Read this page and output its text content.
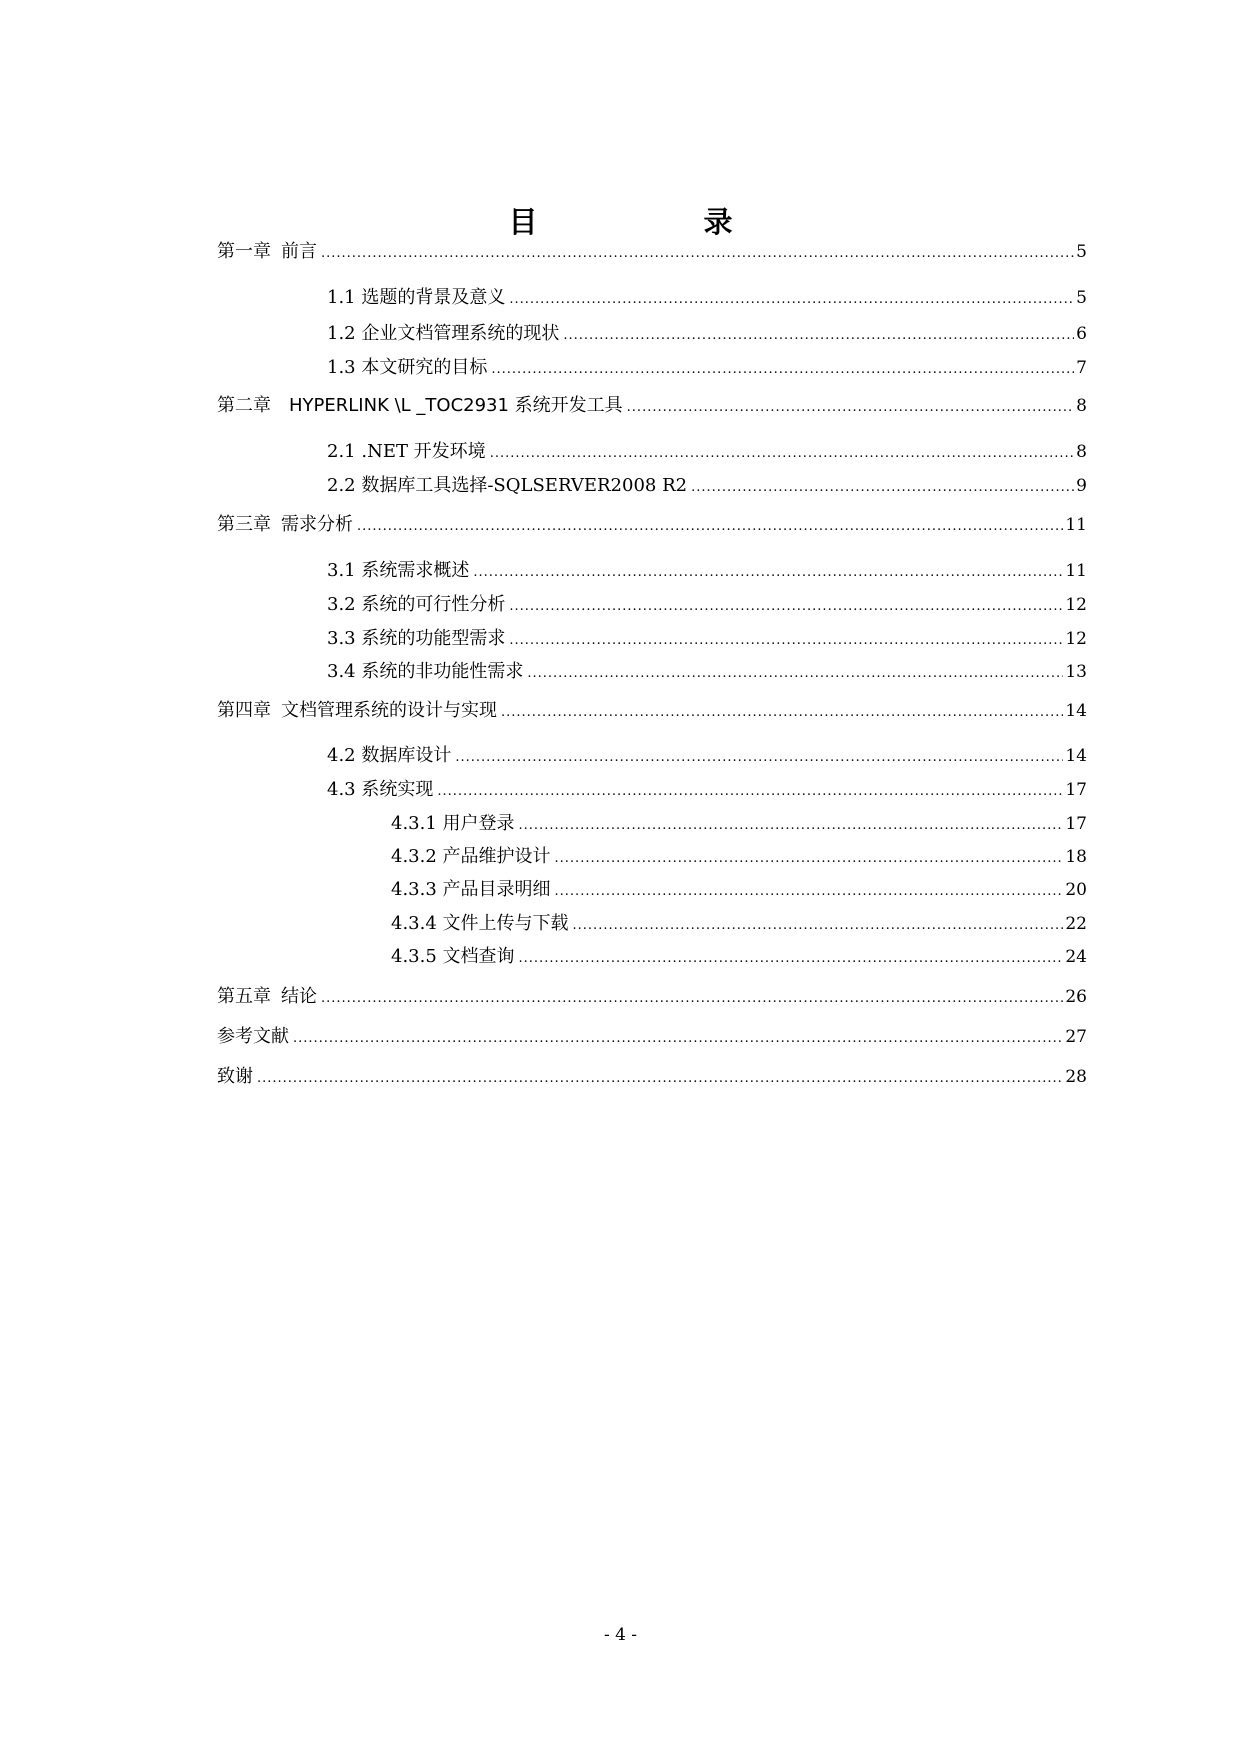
目　　录
第一章 前言 .....	5
1.1 选题的背景及意义 .....	5
1.2 企业文档管理系统的现状 .....	6
1.3 本文研究的目标 .....	7
第二章 HYPERLINK \L _TOC2931 系统开发工具 .....	8
2.1 .NET 开发环境 .....	8
2.2 数据库工具选择-SQLSERVER2008 R2 .....	9
第三章 需求分析 .....	11
3.1 系统需求概述 .....	11
3.2 系统的可行性分析 .....	12
3.3 系统的功能型需求 .....	12
3.4 系统的非功能性需求 .....	13
第四章 文档管理系统的设计与实现 .....	14
4.2 数据库设计 .....	14
4.3 系统实现 .....	17
4.3.1 用户登录 .....	17
4.3.2 产品维护设计 .....	18
4.3.3 产品目录明细 .....	20
4.3.4 文件上传与下载 .....	22
4.3.5 文档查询 .....	24
第五章 结论 .....	26
参考文献 .....	27
致谢 .....	28
- 4 -
